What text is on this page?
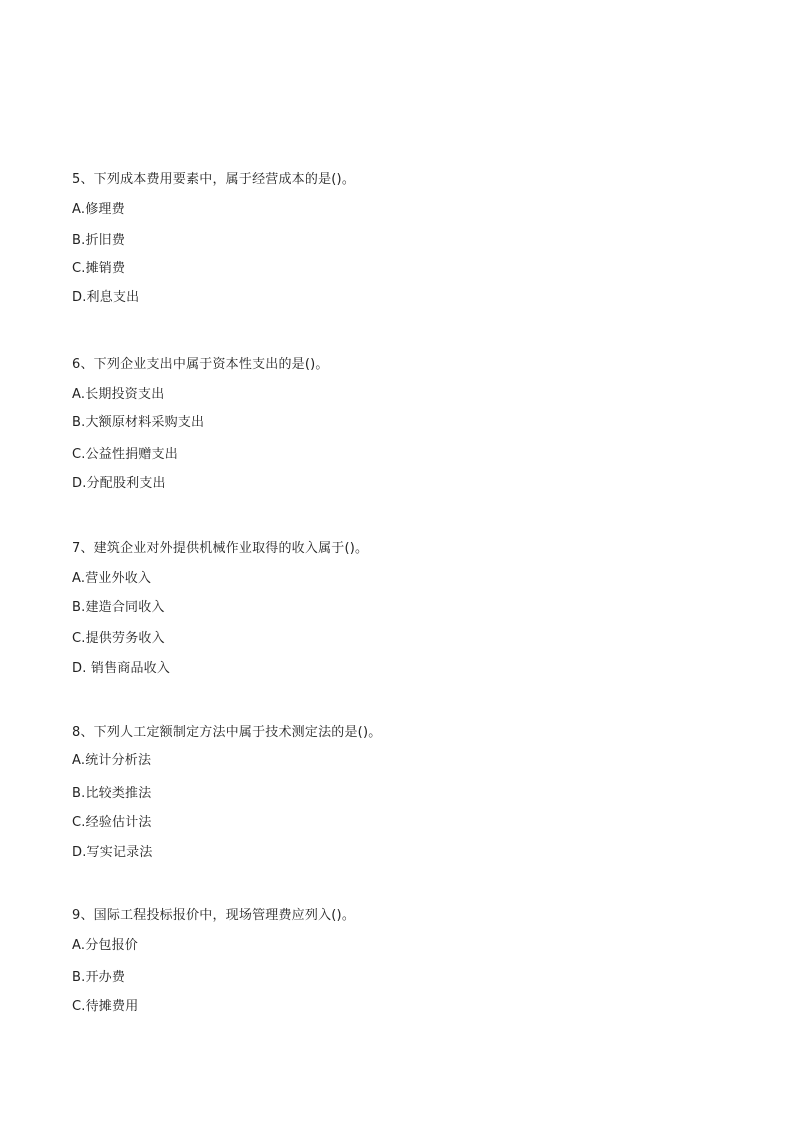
5、下列成本费用要素中，属于经营成本的是()。
A.修理费
B.折旧费
C.摊销费
D.利息支出
6、下列企业支出中属于资本性支出的是()。
A.长期投资支出
B.大额原材料采购支出
C.公益性捐赠支出
D.分配股利支出
7、建筑企业对外提供机械作业取得的收入属于()。
A.营业外收入
B.建造合同收入
C.提供劳务收入
D. 销售商品收入
8、下列人工定额制定方法中属于技术测定法的是()。
A.统计分析法
B.比较类推法
C.经验估计法
D.写实记录法
9、国际工程投标报价中，现场管理费应列入()。
A.分包报价
B.开办费
C.待摊费用
